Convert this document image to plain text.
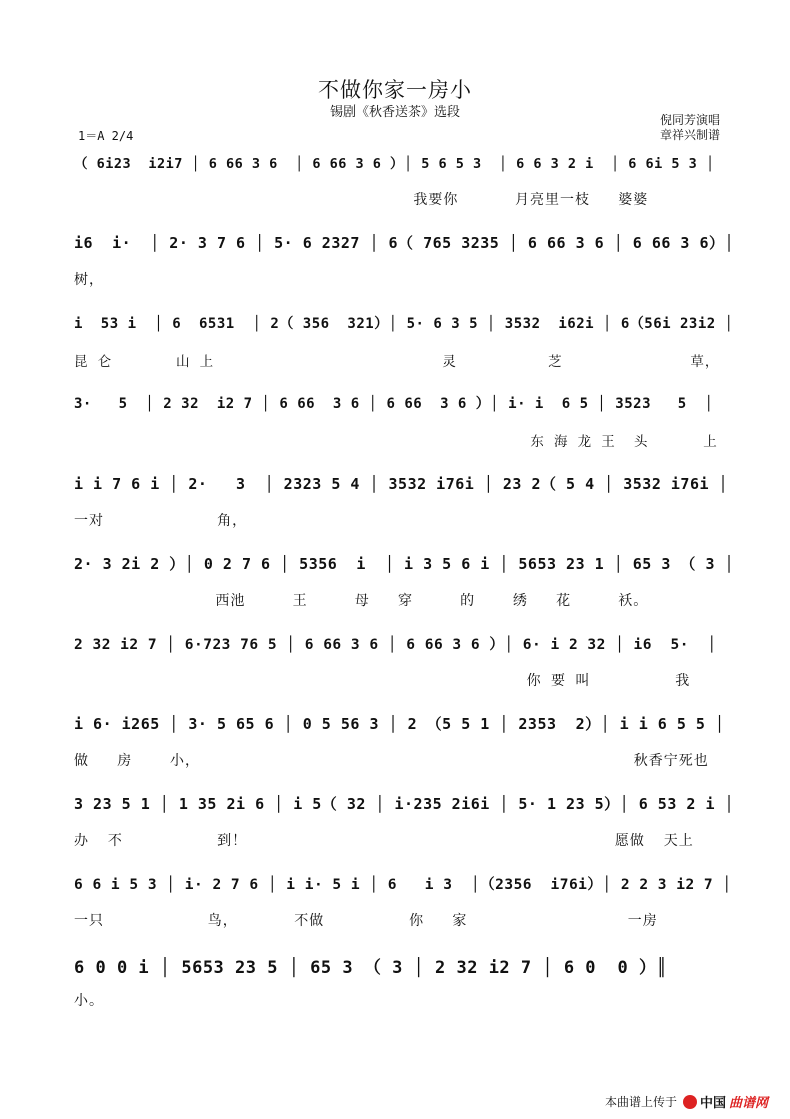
不做你家一房小
锡剧《秋香送茶》选段
1＝A 2/4
倪同芳演唱
章祥兴制谱
（ 6i23  i2i7 │ 6 66 3 6  │ 6 66 3 6 ）│ 5 6 5 3  │ 6 6 3 2 i  │ 6 6i 5 3 │
我要你      月亮里一枝   婆婆
i6  i·  │ 2· 3 7 6 │ 5· 6 2327 │ 6（ 765 3235 │ 6 66 3 6 │ 6 66 3 6）│
树，
i  53 i  │ 6  6531  │ 2（ 356  321）│ 5· 6 3 5 │ 3532  i62i │ 6（56i 23i2 │
昆 仑       山 上                         灵          芝              草，
3·   5  │ 2 32  i2 7 │ 6 66  3 6 │ 6 66  3 6 ）│ i· i  6 5 │ 3523   5  │
东 海 龙 王  头      上
i i 7 6 i │ 2·   3  │ 2323 5 4 │ 3532 i76i │ 23 2（ 5 4 │ 3532 i76i │
一对            角，
2· 3 2i 2 ）│ 0 2 7 6 │ 5356  i  │ i 3 5 6 i │ 5653 23 1 │ 65 3 （ 3 │
西池     王     母   穿     的    绣   花     袄。
2 32 i2 7 │ 6·723 76 5 │ 6 66 3 6 │ 6 66 3 6 ）│ 6· i 2 32 │ i6  5·  │
你 要 叫         我
i 6· i265 │ 3· 5 65 6 │ 0 5 56 3 │ 2 （5 5 1 │ 2353  2）│ i i 6 5 5 │
做   房    小，                                              秋香宁死也
3 23 5 1 │ 1 35 2i 6 │ i 5（ 32 │ i·235 2i6i │ 5· 1 23 5）│ 6 53 2 i │
办  不          到！                                       愿做  天上
6 6 i 5 3 │ i· 2 7 6 │ i i· 5 i │ 6   i 3  │（2356  i76i）│ 2 2 3 i2 7 │
一只           鸟，      不做         你   家                 一房
6 0 0 i │ 5653 23 5 │ 65 3 （ 3 │ 2 32 i2 7 │ 6 0  0 ）║
小。
本曲谱上传于 中国 曲谱网
